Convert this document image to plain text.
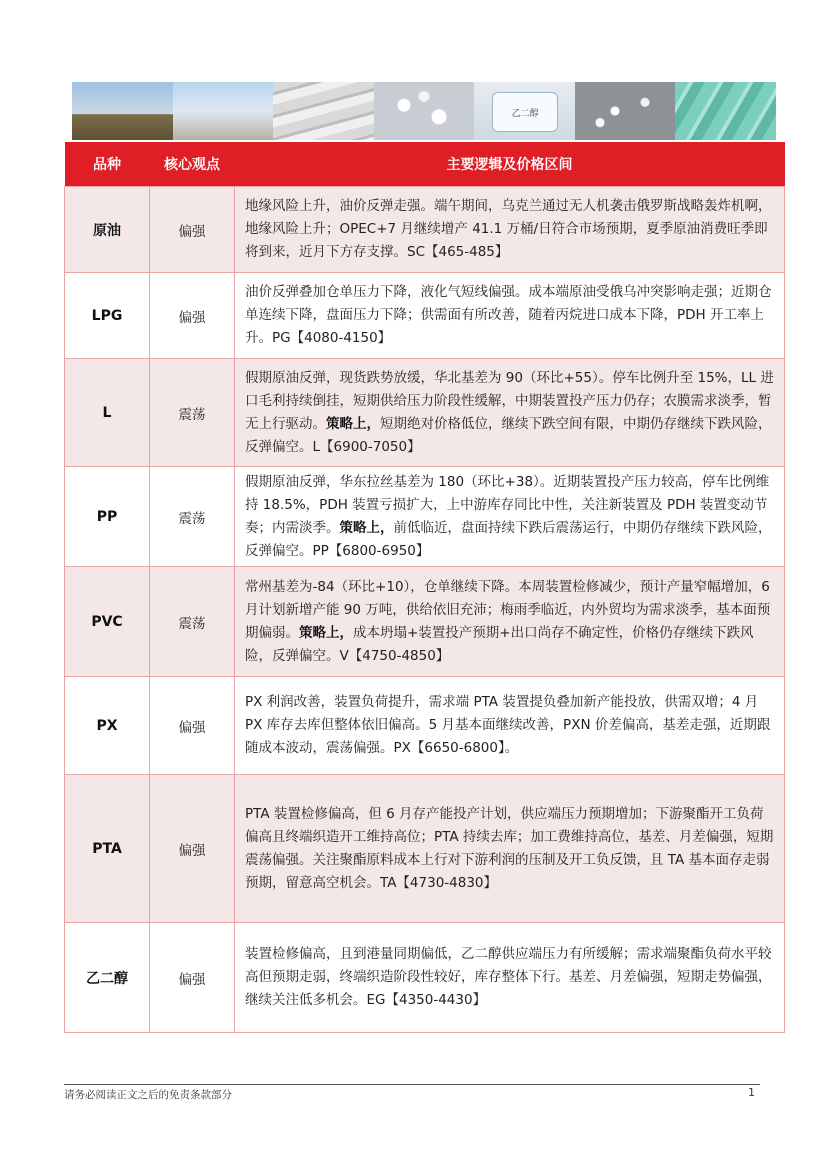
乙二醇
品种	核心观点	主要逻辑及价格区间
原油	偏强	地缘风险上升，油价反弹走强。端午期间，乌克兰通过无人机袭击俄罗斯战略轰炸机啊，地缘风险上升；OPEC+7 月继续增产 41.1 万桶/日符合市场预期，夏季原油消费旺季即将到来，近月下方存支撑。SC【465-485】
LPG	偏强	油价反弹叠加仓单压力下降，液化气短线偏强。成本端原油受俄乌冲突影响走强；近期仓单连续下降，盘面压力下降；供需面有所改善，随着丙烷进口成本下降，PDH 开工率上升。PG【4080-4150】
L	震荡	假期原油反弹，现货跌势放缓，华北基差为 90（环比+55）。停车比例升至 15%，LL 进口毛利持续倒挂，短期供给压力阶段性缓解，中期装置投产压力仍存；农膜需求淡季，暂无上行驱动。策略上，短期绝对价格低位，继续下跌空间有限，中期仍存继续下跌风险，反弹偏空。L【6900-7050】
PP	震荡	假期原油反弹，华东拉丝基差为 180（环比+38）。近期装置投产压力较高，停车比例维持 18.5%，PDH 装置亏损扩大，上中游库存同比中性，关注新装置及 PDH 装置变动节奏；内需淡季。策略上，前低临近，盘面持续下跌后震荡运行，中期仍存继续下跌风险，反弹偏空。PP【6800-6950】
PVC	震荡	常州基差为-84（环比+10），仓单继续下降。本周装置检修减少，预计产量窄幅增加，6 月计划新增产能 90 万吨，供给依旧充沛；梅雨季临近，内外贸均为需求淡季，基本面预期偏弱。策略上，成本坍塌+装置投产预期+出口尚存不确定性，价格仍存继续下跌风险，反弹偏空。V【4750-4850】
PX	偏强	PX 利润改善，装置负荷提升，需求端 PTA 装置提负叠加新产能投放，供需双增；4 月 PX 库存去库但整体依旧偏高。5 月基本面继续改善，PXN 价差偏高，基差走强，近期跟随成本波动，震荡偏强。PX【6650-6800】。
PTA	偏强	PTA 装置检修偏高，但 6 月存产能投产计划，供应端压力预期增加；下游聚酯开工负荷偏高且终端织造开工维持高位；PTA 持续去库；加工费维持高位，基差、月差偏强，短期震荡偏强。关注聚酯原料成本上行对下游利润的压制及开工负反馈，且 TA 基本面存走弱预期，留意高空机会。TA【4730-4830】
乙二醇	偏强	装置检修偏高，且到港量同期偏低，乙二醇供应端压力有所缓解；需求端聚酯负荷水平较高但预期走弱，终端织造阶段性较好，库存整体下行。基差、月差偏强，短期走势偏强，继续关注低多机会。EG【4350-4430】
请务必阅读正文之后的免责条款部分	1
